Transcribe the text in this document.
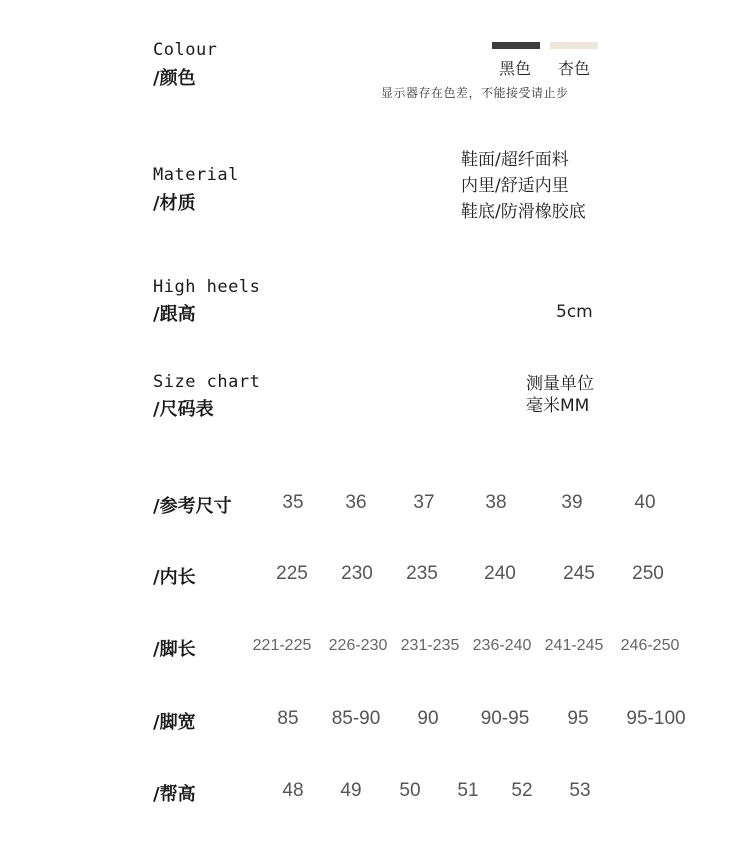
Colour
/颜色	黑色 杏色
显示器存在色差，不能接受请止步
Material
/材质
鞋面/超纤面料
内里/舒适内里
鞋底/防滑橡胶底
High heels
/跟高	5cm
Size chart
/尺码表
测量单位
毫米MM
/参考尺寸	35 36 37	38	39	40
/内长	225 230 235 240 245 250
/脚长	221-225 226-230 231-235 236-240 241-245 246-250
/脚宽	85 85-90 90 90-95 95 95-100
/帮高	48 49 50 51 52 53
